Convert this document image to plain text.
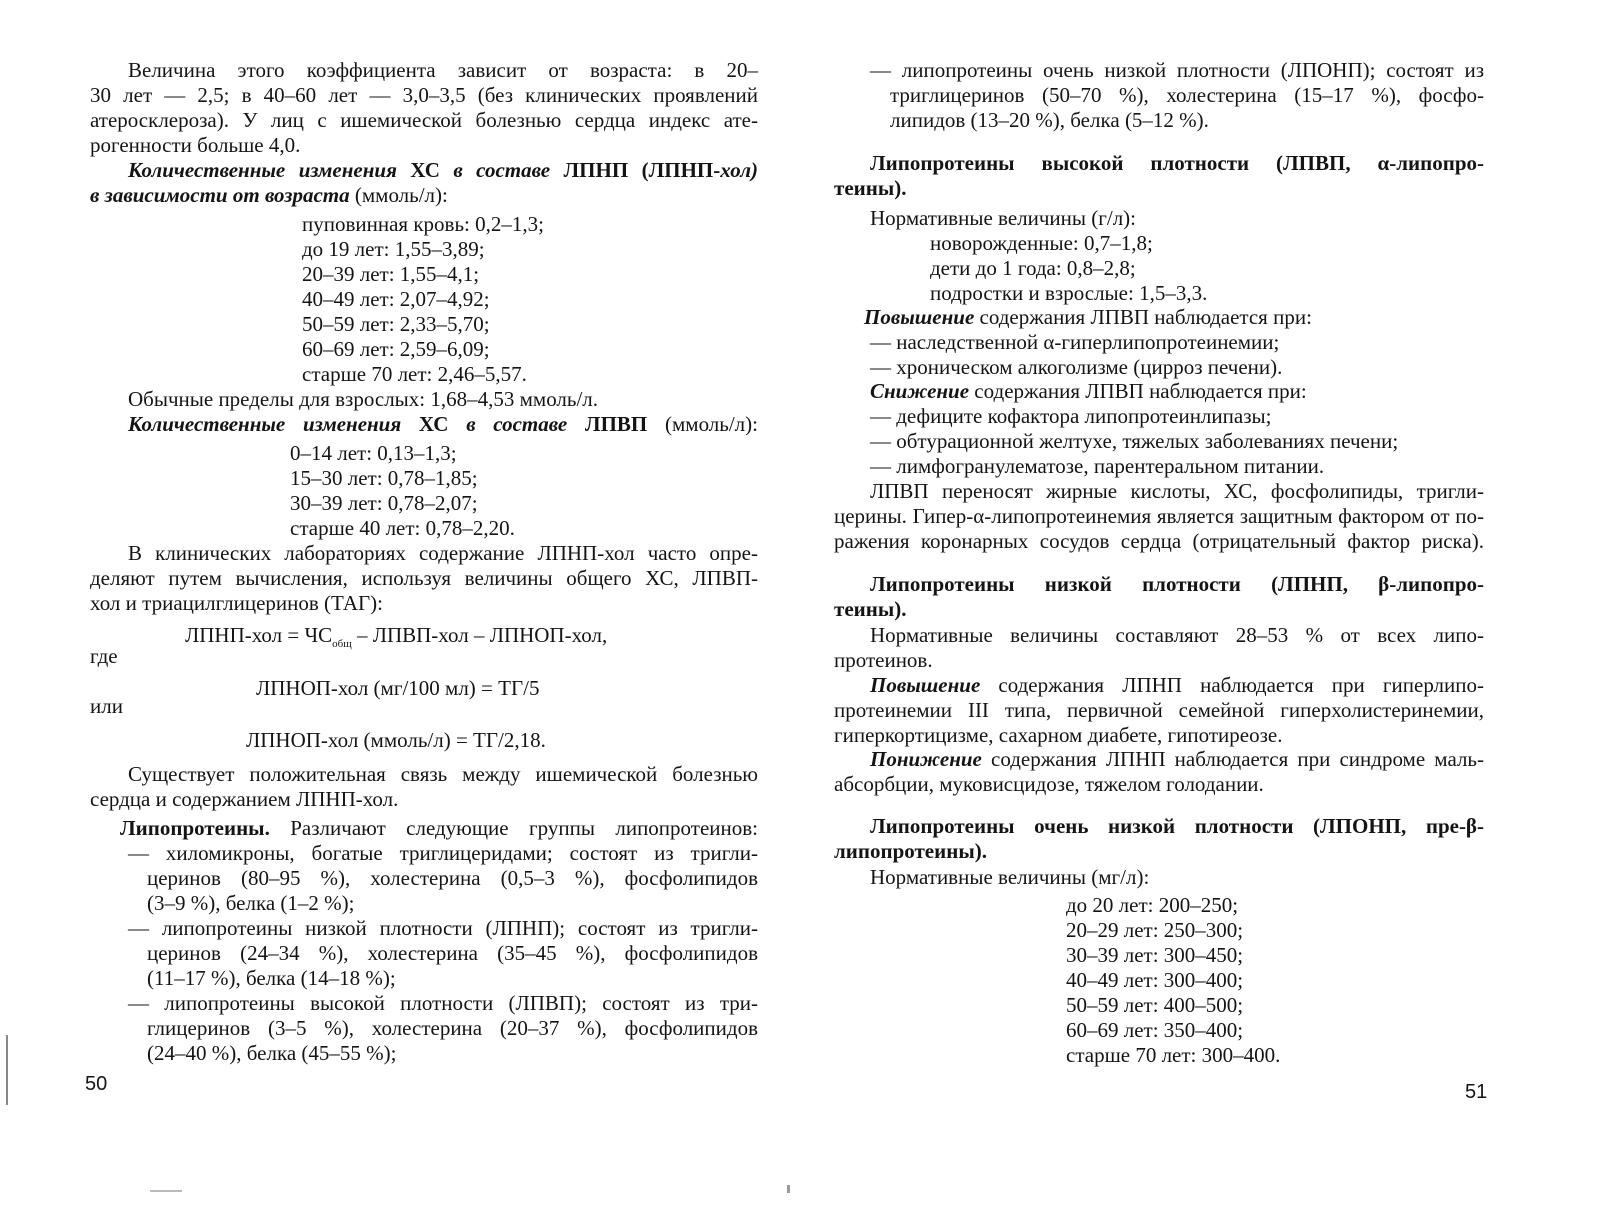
Величина этого коэффициента зависит от возраста: в 20–
30 лет — 2,5; в 40–60 лет — 3,0–3,5 (без клинических проявлений
атеросклероза). У лиц с ишемической болезнью сердца индекс ате-
рогенности больше 4,0.
Количественные изменения ХС в составе ЛПНП (ЛПНП-хол)
в зависимости от возраста (ммоль/л):
пуповинная кровь: 0,2–1,3;
до 19 лет: 1,55–3,89;
20–39 лет: 1,55–4,1;
40–49 лет: 2,07–4,92;
50–59 лет: 2,33–5,70;
60–69 лет: 2,59–6,09;
старше 70 лет: 2,46–5,57.
Обычные пределы для взрослых: 1,68–4,53 ммоль/л.
Количественные изменения ХС в составе ЛПВП (ммоль/л):
0–14 лет: 0,13–1,3;
15–30 лет: 0,78–1,85;
30–39 лет: 0,78–2,07;
старше 40 лет: 0,78–2,20.
В клинических лабораториях содержание ЛПНП-хол часто опре-
деляют путем вычисления, используя величины общего ХС, ЛПВП-
хол и триацилглицеринов (ТАГ):
ЛПНП-хол = $ЧС_{общ}$ – ЛПВП-хол – ЛПНОП-хол,
где
ЛПНОП-хол (мг/100 мл) = ТГ/5
или
ЛПНОП-хол (ммоль/л) = ТГ/2,18.
Существует положительная связь между ишемической болезнью
сердца и содержанием ЛПНП-хол.
Липопротеины. Различают следующие группы липопротеинов:
— хиломикроны, богатые триглицеридами; состоят из тригли-
церинов (80–95 %), холестерина (0,5–3 %), фосфолипидов
(3–9 %), белка (1–2 %);
— липопротеины низкой плотности (ЛПНП); состоят из тригли-
церинов (24–34 %), холестерина (35–45 %), фосфолипидов
(11–17 %), белка (14–18 %);
— липопротеины высокой плотности (ЛПВП); состоят из три-
глицеринов (3–5 %), холестерина (20–37 %), фосфолипидов
(24–40 %), белка (45–55 %);
50
— липопротеины очень низкой плотности (ЛПОНП); состоят из
триглицеринов (50–70 %), холестерина (15–17 %), фосфо-
липидов (13–20 %), белка (5–12 %).
Липопротеины высокой плотности (ЛПВП, α-липопро-
теины).
Нормативные величины (г/л):
новорожденные: 0,7–1,8;
дети до 1 года: 0,8–2,8;
подростки и взрослые: 1,5–3,3.
Повышение содержания ЛПВП наблюдается при:
— наследственной α-гиперлипопротеинемии;
— хроническом алкоголизме (цирроз печени).
Снижение содержания ЛПВП наблюдается при:
— дефиците кофактора липопротеинлипазы;
— обтурационной желтухе, тяжелых заболеваниях печени;
— лимфогранулематозе, парентеральном питании.
ЛПВП переносят жирные кислоты, ХС, фосфолипиды, тригли-
церины. Гипер-α-липопротеинемия является защитным фактором от по-
ражения коронарных сосудов сердца (отрицательный фактор риска).
Липопротеины низкой плотности (ЛПНП, β-липопро-
теины).
Нормативные величины составляют 28–53 % от всех липо-
протеинов.
Повышение содержания ЛПНП наблюдается при гиперлипо-
протеинемии III типа, первичной семейной гиперхолистеринемии,
гиперкортицизме, сахарном диабете, гипотиреозе.
Понижение содержания ЛПНП наблюдается при синдроме маль-
абсорбции, муковисцидозе, тяжелом голодании.
Липопротеины очень низкой плотности (ЛПОНП, пре-β-
липопротеины).
Нормативные величины (мг/л):
до 20 лет: 200–250;
20–29 лет: 250–300;
30–39 лет: 300–450;
40–49 лет: 300–400;
50–59 лет: 400–500;
60–69 лет: 350–400;
старше 70 лет: 300–400.
51
